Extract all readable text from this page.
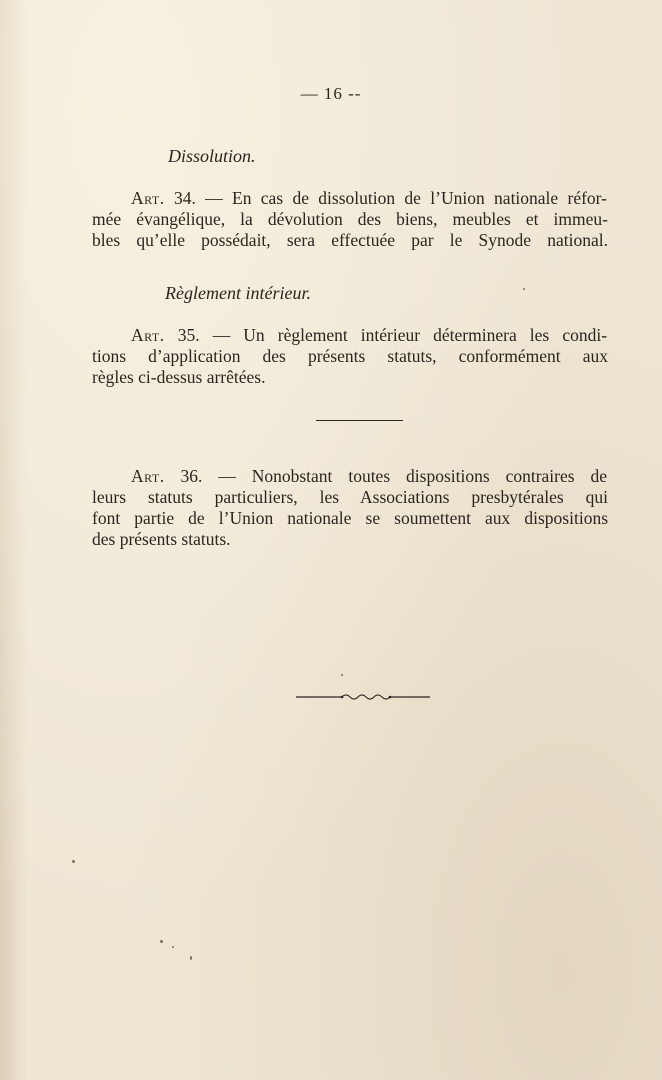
— 16 --
Dissolution.
Art. 34. — En cas de dissolution de l’Union nationale réfor-
mée évangélique, la dévolution des biens, meubles et immeu-
bles qu’elle possédait, sera effectuée par le Synode national.
Règlement intérieur.
Art. 35. — Un règlement intérieur déterminera les condi-
tions d’application des présents statuts, conformément aux
règles ci-dessus arrêtées.
Art. 36. — Nonobstant toutes dispositions contraires de
leurs statuts particuliers, les Associations presbytérales qui
font partie de l’Union nationale se soumettent aux dispositions
des présents statuts.
